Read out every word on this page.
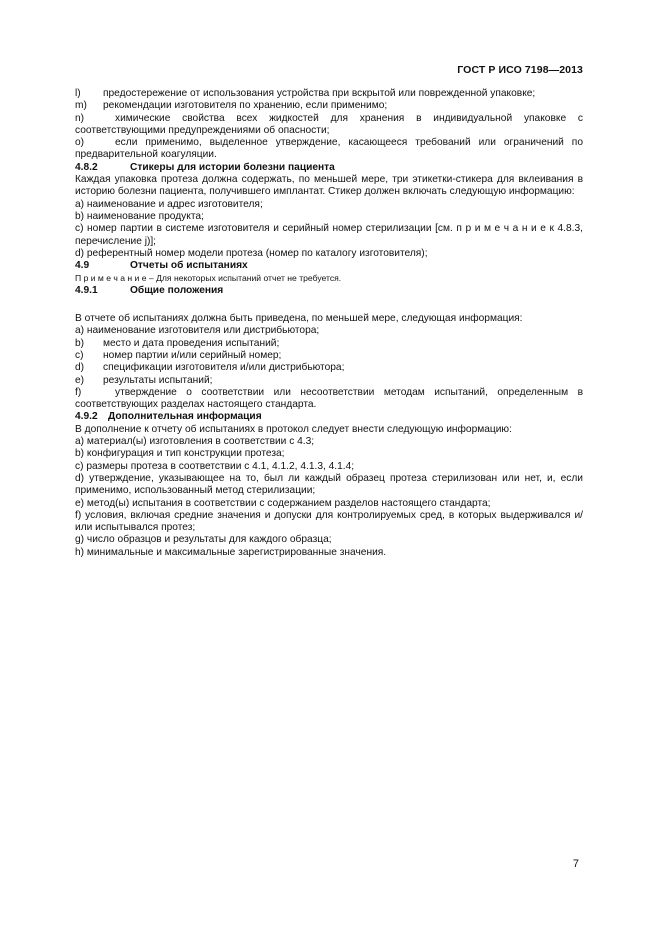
ГОСТ Р ИСО 7198—2013
l)	предостережение от использования устройства при вскрытой или поврежденной упаковке;
m)	рекомендации изготовителя по хранению, если применимо;
n)	химические свойства всех жидкостей для хранения в индивидуальной упаковке с соответствующими предупреждениями об опасности;
o)	если применимо, выделенное утверждение, касающееся требований или ограничений по предварительной коагуляции.
4.8.2	Стикеры для истории болезни пациента

Каждая упаковка протеза должна содержать, по меньшей мере, три этикетки-стикера для вклеивания в историю болезни пациента, получившего имплантат. Стикер должен включать следующую информацию:

a) наименование и адрес изготовителя;

b) наименование продукта;

c) номер партии в системе изготовителя и серийный номер стерилизации [см. п р и м е ч а н и е к 4.8.3, перечисление j)];

d) референтный номер модели протеза (номер по каталогу изготовителя);

4.9	Отчеты об испытаниях
П р и м е ч а н и е – Для некоторых испытаний отчет не требуется.
4.9.1	Общие положения

В отчете об испытаниях должна быть приведена, по меньшей мере, следующая информация:

a) наименование изготовителя или дистрибьютора;

b)	место и дата проведения испытаний;
c)	номер партии и/или серийный номер;
d)	спецификации изготовителя и/или дистрибьютора;
e)	результаты испытаний;
f)	утверждение о соответствии или несоответствии методам испытаний, определенным в соответствующих разделах настоящего стандарта.
4.9.2	Дополнительная информация

В дополнение к отчету об испытаниях в протокол следует внести следующую информацию:

a) материал(ы) изготовления в соответствии с 4.3;

b) конфигурация и тип конструкции протеза;

c) размеры протеза в соответствии с 4.1, 4.1.2, 4.1.3, 4.1.4;

d) утверждение, указывающее на то, был ли каждый образец протеза стерилизован или нет, и, если применимо, использованный метод стерилизации;

e) метод(ы) испытания в соответствии с содержанием разделов настоящего стандарта;

f) условия, включая средние значения и допуски для контролируемых сред, в которых выдерживался и/или испытывался протез;

g) число образцов и результаты для каждого образца;

h) минимальные и максимальные зарегистрированные значения.

7
